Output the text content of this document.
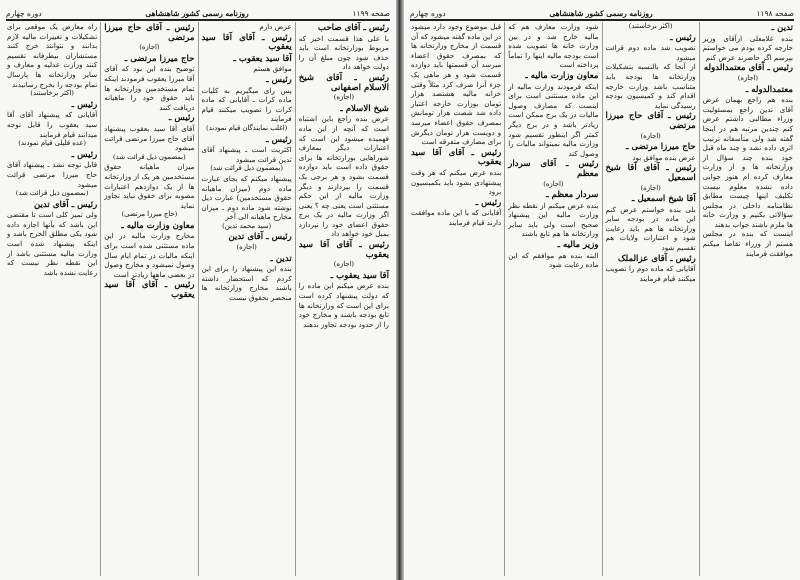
صفحه ۱۱۹۹
روزنامه رسمی کشور شاهنشاهی
دوره چهارم
رئیس ـ آقای صاحب
با علی هذا قسمت اخیر که مربوط بوزارتخانه است باید حذف شود چون مبلغ آن را دولت خواهد داد
رئیس ـ آقای شیخ الاسلام اصفهانی
(اجازه)
شیخ الاسلام ـ
عرض بنده راجع باین اشتباه است که آنچه از این ماده فهمیده میشود این است که اعتبارات دیگر بمعارف شوراهایی بوزارتخانه ها برای حقوق داده است باید دوازده قسمت بشود و هر برجی یک قسمت را بپردازند و دیگر وزارت مالیه از این حکم مستثنی است یعنی چه ؟ یعنی اگر وزارت مالیه در یک برج حقوق اعضای خود را نپردازد بمیل خود خواهد داد
رئیس ـ آقای آقا سید یعقوب
(اجازه)
آقا سید یعقوب ـ
بنده عرض میکنم این ماده را که دولت پیشنهاد کرده است برای این است که وزارتخانه ها تابع بودجه باشند و مخارج خود را از حدود بودجه تجاوز ندهند
عرض دارم
رئیس ـ آقای آقا سید یعقوب
آقا سید یعقوب ـ
موافق هستم
رئیس ـ
پس رای میگیریم به کلیات ماده کرات ـ آقایانی که ماده کرات را تصویب میکنند قیام فرمایند
(اغلب نمایندگان قیام نمودند)
رئیس ـ
اکثریت است ـ پیشنهاد آقای تدین قرائت میشود
(بمضمون ذیل قرائت شد)
پیشنهاد میکنم که بجای عبارت ماده دوم (میزان ماهیانه حقوق مستخدمین) عبارت ذیل نوشته شود ماده دوم ـ میزان مخارج ماهیانه الی آخر
(سید محمد تدین)
رئیس ـ آقای تدین
(اجازه)
تدین ـ
بنده این پیشنهاد را برای این کردم که استحضار داشته باشند مخارج وزارتخانه ها منحصر بحقوق نیست
رئیس ـ آقای حاج میرزا مرتضی
(اجازه)
حاج میرزا مرتضی ـ
توضیح بنده این بود که آقای آقا میرزا یعقوب فرمودند اینکه تمام مستخدمین وزارتخانه ها باید حقوق خود را ماهیانه دریافت کنند
رئیس ـ
آقای آقا سید یعقوب پیشنهاد آقای حاج میرزا مرتضی قرائت میشود
(بمضمون ذیل قرائت شد)
میزان ماهیانه حقوق مستخدمین هر یک از وزارتخانه ها از یک دوازدهم اعتبارات مصوبه برای حقوق نباید تجاوز نماید
(حاج میرزا مرتضی)
معاون وزارت مالیه ـ
مخارج وزارت مالیه در این ماده مستثنی شده است برای اینکه مالیات در تمام ایام سال وصول نمیشود و مخارج وصول در بعضی ماهها زیادتر است
رئیس ـ آقای آقا سید یعقوب
راه معارض یک موقعی برای تشکیلات و تغییرات مالیه لازم بدانند و نتوانند خرج کنند مستشاران بیطرفانه تقسیم کنند وزارت عدلیه و معارف و سایر وزارتخانه ها پارسال تمام بودجه را بخرج رسانیدند
(اکثر برخاستند)
رئیس ـ
آقایانی که پیشنهاد آقای آقا سید یعقوب را قابل توجه میدانند قیام فرمایند
(عده قلیلی قیام نمودند)
رئیس ـ
قابل توجه نشد ـ پیشنهاد آقای حاج میرزا مرتضی قرائت میشود
(بمضمون ذیل قرائت شد)
رئیس ـ آقای تدین
ولی تمیز کلی است تا مقتضی این باشد که بآنها اجازه داده شود یکی مطلق الخرج باشد و اینکه پیشنهاد شده است وزارت مالیه مستثنی باشد از این نقطه نظر نیست که رعایت نشده باشد
صفحه ۱۱۹۸
روزنامه رسمی کشور شاهنشاهی
دوره چهارم
تدین ـ
بنده غلامعلی ازآقای وزیر خارجه کرده بودم می خواستم بپرسم اگر حاضرند عرض کنم
رئیس ـ آقای معتمدالدوله
(اجازه)
معتمدالدوله ـ
بنده هم راجع بهمان عرض آقای تدین راجع بمسئولیت وزراء مطالبی داشتم عرض کنم چندین مرتبه هم در اینجا گفته شد ولی متأسفانه ترتیب اثری داده نشد و چند ماه قبل خود بنده چند سؤال از وزارتخانه ها و از وزارت معارف کرده ام هنوز جوابی داده نشده معلوم نیست تکلیف اینها چیست مطابق نظامنامه داخلی در مجلس سؤالاتی بکنیم و وزارت خانه ها ملزم باشند جواب بدهند
اینست که بنده در مجلس هستم از وزراء تقاضا میکنم موافقت فرمایند
(اکثر برخاستند)
رئیس ـ
تصویب شد ماده دوم قرائت میشود
از آنجا که بالنسبه بتشکیلات وزارتخانه ها بودجه باید متناسب باشد وزارت خارجه اقدام کند و کمیسیون بودجه رسیدگی نماید
رئیس ـ آقای حاج میرزا مرتضی
(اجازه)
حاج میرزا مرتضی ـ
عرض بنده موافق بود
رئیس ـ آقای آقا شیخ اسمعیل
(اجازه)
آقا شیخ اسمعیل ـ
بلی بنده خواستم عرض کنم این ماده در بودجه سایر وزارتخانه ها هم باید رعایت شود و اعتبارات ولایات هم تقسیم شود
رئیس ـ آقای عزالملک
آقایانی که ماده دوم را تصویب میکنند قیام فرمایند
شود وزارت معارف هم که مالیه خارج شد و در بین وزارت خانه ها تصویب شده است بودجه مالیه اینها را تماماً پرداخته است
معاون وزارت مالیه ـ
اینکه فرمودند وزارت مالیه از این ماده مستثنی است برای اینست که مصارف وصول مالیات در یک برج ممکن است زیادتر باشد و در برج دیگر کمتر اگر اینطور تقسیم شود وزارت مالیه نمیتواند مالیات را وصول کند
رئیس ـ آقای سردار معظم
(اجازه)
سردار معظم ـ
بنده عرض میکنم از نقطه نظر وزارت مالیه این پیشنهاد صحیح است ولی باید سایر وزارتخانه ها هم تابع باشند
وزیر مالیه ـ
البته بنده هم موافقم که این ماده رعایت شود
قبل موضوع وجود دارد میشود در این ماده گفته میشود که آن قسمت از مخارج وزارتخانه ها که بمصرف حقوق اعضاء میرسد آن قسمتها باید دوازده قسمت شود و هر ماهی یک جزء آنرا صرف کرد مثلاً وقتی خزانه مالیه هشتصد هزار تومان بوزارت خارجه اعتبار داده شد شصت هزار تومانش بمصرف حقوق اعضاء میرسد و دویست هزار تومان دیگرش برای مصارف متفرقه است
رئیس ـ آقای آقا سید یعقوب
بنده عرض میکنم که هر وقت پیشنهادی بشود باید بکمیسیون برود
رئیس ـ
آقایانی که با این ماده موافقت دارند قیام فرمایند
